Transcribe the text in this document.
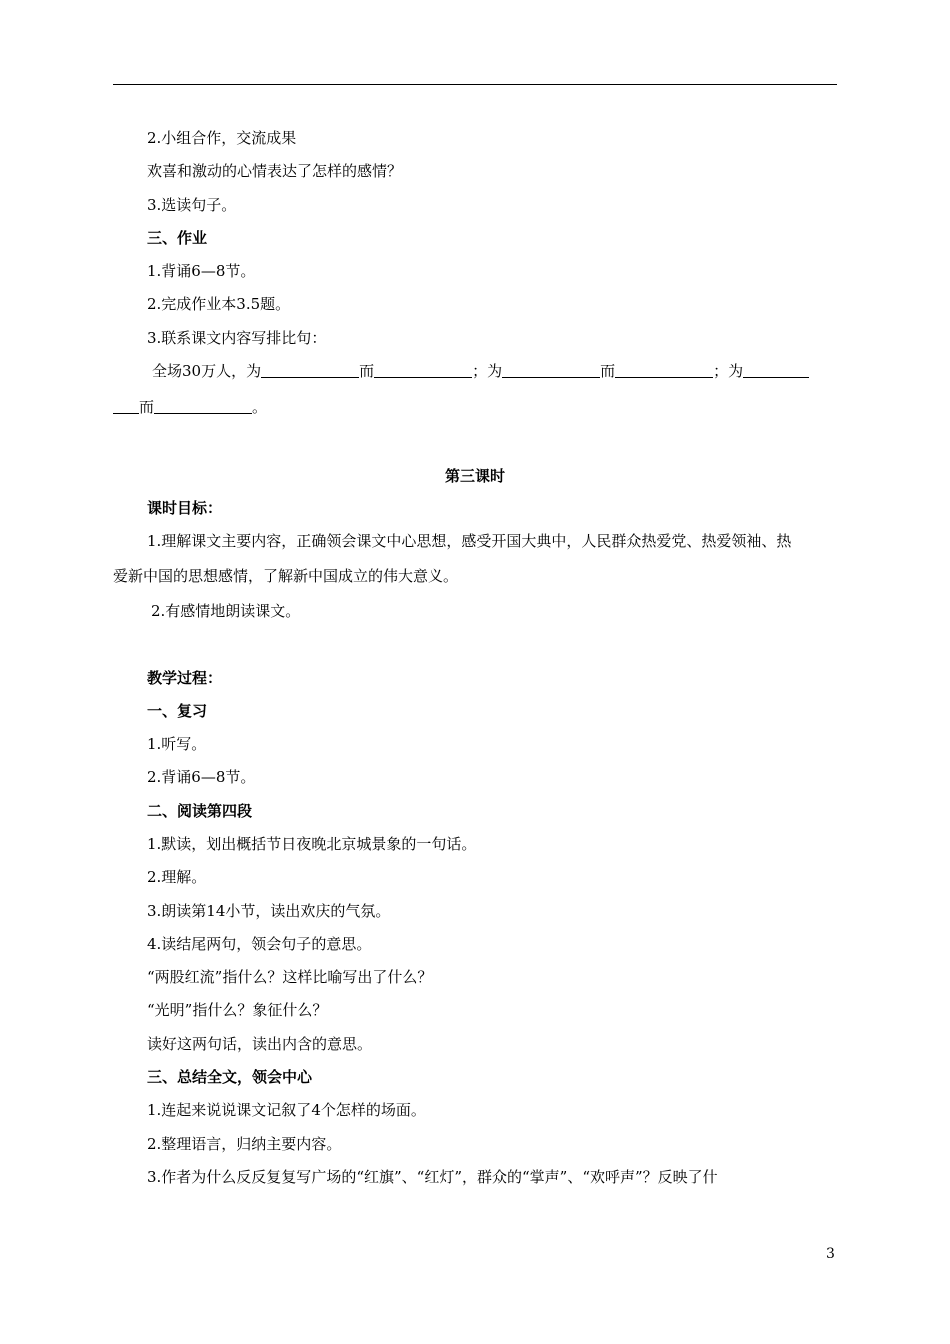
2.小组合作，交流成果
欢喜和激动的心情表达了怎样的感情？
3.选读句子。
三、作业
1.背诵6—8节。
2.完成作业本3.5题。
3.联系课文内容写排比句：
全场30万人，为	而	；为	而	；为
而	。
第三课时
课时目标：
1.理解课文主要内容，正确领会课文中心思想，感受开国大典中，人民群众热爱党、热爱领袖、热
爱新中国的思想感情，了解新中国成立的伟大意义。
2.有感情地朗读课文。
教学过程：
一、复习
1.听写。
2.背诵6—8节。
二、阅读第四段
1.默读，划出概括节日夜晚北京城景象的一句话。
2.理解。
3.朗读第14小节，读出欢庆的气氛。
4.读结尾两句，领会句子的意思。
“两股红流”指什么？这样比喻写出了什么？
“光明”指什么？象征什么？
读好这两句话，读出内含的意思。
三、总结全文，领会中心
1.连起来说说课文记叙了4个怎样的场面。
2.整理语言，归纳主要内容。
3.作者为什么反反复复写广场的“红旗”、“红灯”，群众的“掌声”、“欢呼声”？反映了什
3
